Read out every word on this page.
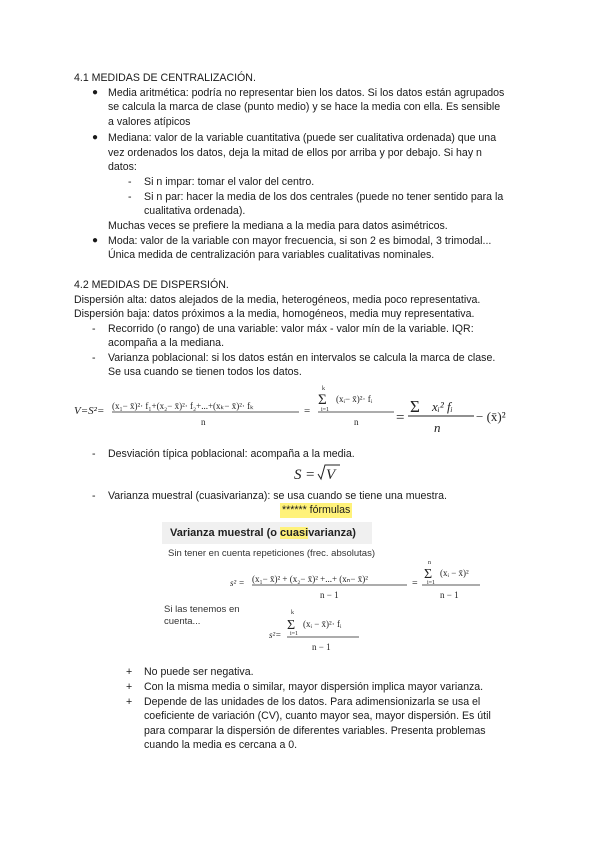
4.1 MEDIDAS DE CENTRALIZACIÓN.
● Media aritmética: podría no representar bien los datos. Si los datos están agrupados
se calcula la marca de clase (punto medio) y se hace la media con ella. Es sensible
a valores atípicos
● Mediana: valor de la variable cuantitativa (puede ser cualitativa ordenada) que una
vez ordenados los datos, deja la mitad de ellos por arriba y por debajo. Si hay n
datos:
- Si n impar: tomar el valor del centro.
- Si n par: hacer la media de los dos centrales (puede no tener sentido para la
cualitativa ordenada).
Muchas veces se prefiere la mediana a la media para datos asimétricos.
● Moda: valor de la variable con mayor frecuencia, si son 2 es bimodal, 3 trimodal...
Única medida de centralización para variables cualitativas nominales.
4.2 MEDIDAS DE DISPERSIÓN.
Dispersión alta: datos alejados de la media, heterogéneos, media poco representativa.
Dispersión baja: datos próximos a la media, homogéneos, media muy representativa.
- Recorrido (o rango) de una variable: valor máx - valor mín de la variable. IQR:
acompaña a la mediana.
- Varianza poblacional: si los datos están en intervalos se calcula la marca de clase.
Se usa cuando se tienen todos los datos.
V=S²= (x₁− x̄)²· f₁+(x₂− x̄)²· f₂+...+(xₖ− x̄)²· fₖ
n
=
k
Σ
i=1
(xᵢ− x̄)²· fᵢ
n	=
Σ xᵢ² fᵢ
n
− (x̄)²
- Desviación típica poblacional: acompaña a la media.
S = V
- Varianza muestral (cuasivarianza): se usa cuando se tiene una muestra.
****** fórmulas
Varianza muestral (o cuasivarianza)
Sin tener en cuenta repeticiones (frec. absolutas)
s² = (x₁− x̄)² + (x₂− x̄)² +...+ (xₙ− x̄)²
n − 1
=
n
Σ
i=1
(xᵢ − x̄)²
n − 1
Si las tenemos en
cuenta...
s²=
k
Σ
i=1
(xᵢ − x̄)²· fᵢ
n − 1
+ No puede ser negativa.
+ Con la misma media o similar, mayor dispersión implica mayor varianza.
+ Depende de las unidades de los datos. Para adimensionizarla se usa el
coeficiente de variación (CV), cuanto mayor sea, mayor dispersión. Es útil
para comparar la dispersión de diferentes variables. Presenta problemas
cuando la media es cercana a 0.
